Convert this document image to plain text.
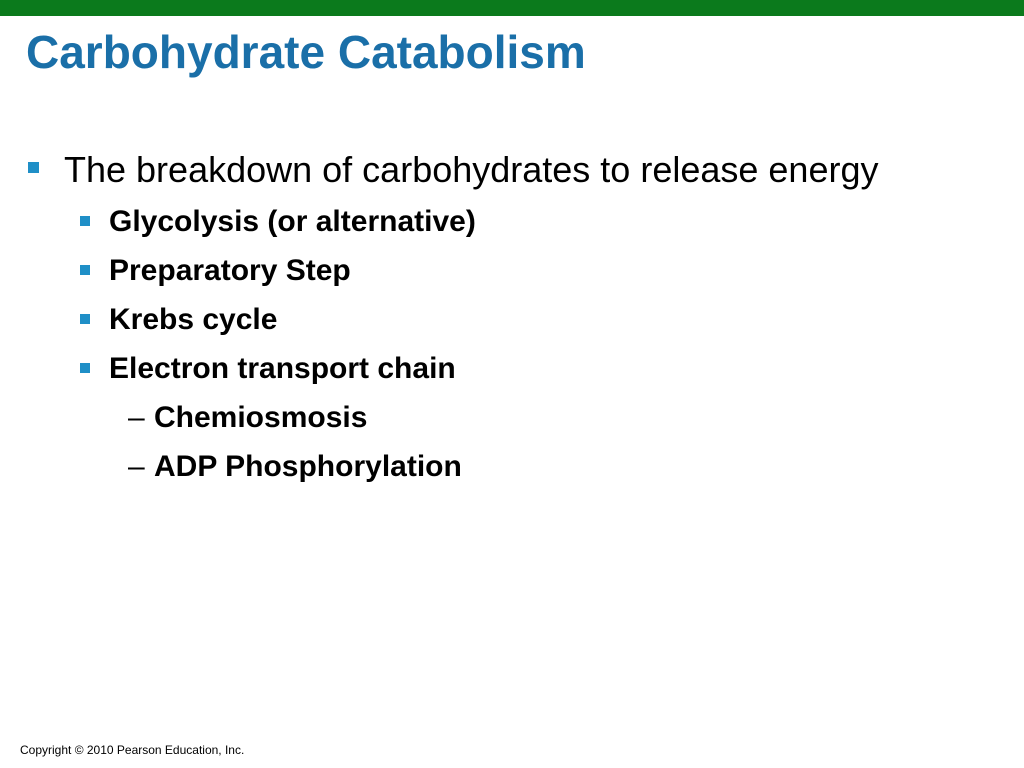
Carbohydrate Catabolism
The breakdown of carbohydrates to release energy
Glycolysis (or alternative)
Preparatory Step
Krebs cycle
Electron transport chain
– Chemiosmosis
– ADP Phosphorylation
Copyright © 2010 Pearson Education, Inc.
